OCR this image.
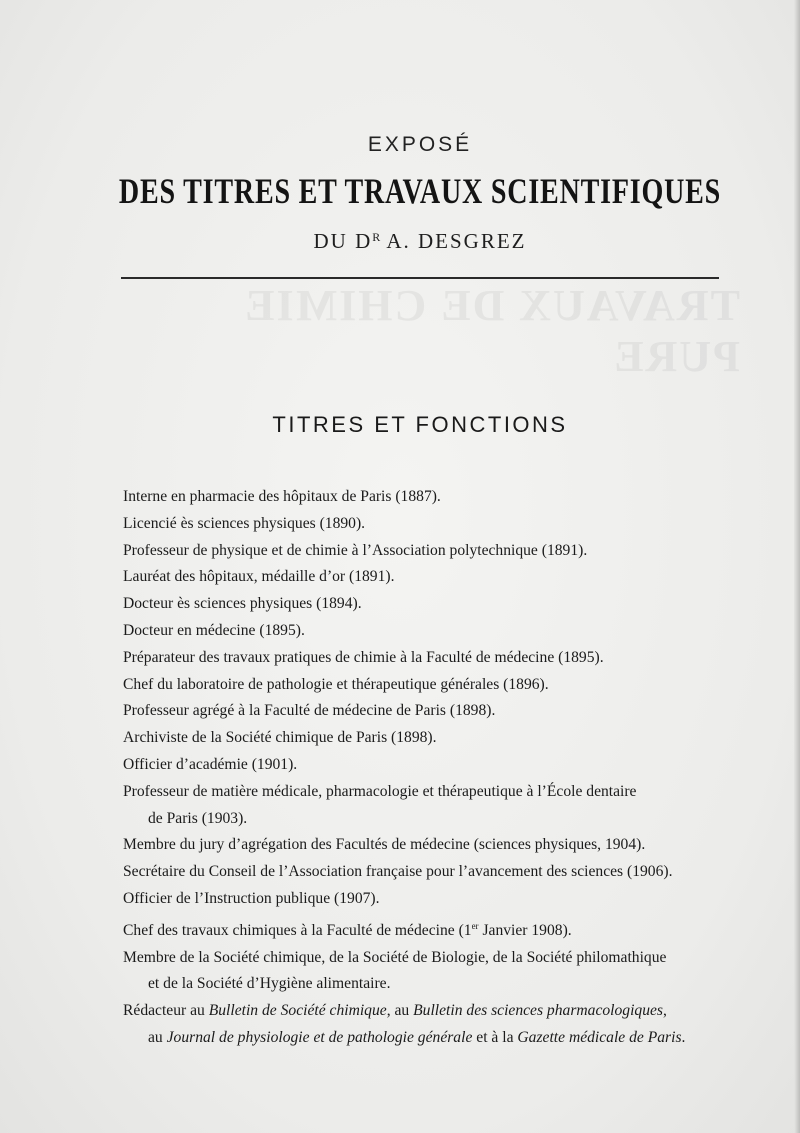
TRAVAUX DE CHIMIE PURE
EXPOSÉ
DES TITRES ET TRAVAUX SCIENTIFIQUES
DU $D^R$ A. DESGREZ
TITRES ET FONCTIONS
Interne en pharmacie des hôpitaux de Paris (1887).
Licencié ès sciences physiques (1890).
Professeur de physique et de chimie à l’Association polytechnique (1891).
Lauréat des hôpitaux, médaille d’or (1891).
Docteur ès sciences physiques (1894).
Docteur en médecine (1895).
Préparateur des travaux pratiques de chimie à la Faculté de médecine (1895).
Chef du laboratoire de pathologie et thérapeutique générales (1896).
Professeur agrégé à la Faculté de médecine de Paris (1898).
Archiviste de la Société chimique de Paris (1898).
Officier d’académie (1901).
Professeur de matière médicale, pharmacologie et thérapeutique à l’École dentaire
de Paris (1903).
Membre du jury d’agrégation des Facultés de médecine (sciences physiques, 1904).
Secrétaire du Conseil de l’Association française pour l’avancement des sciences (1906).
Officier de l’Instruction publique (1907).
Chef des travaux chimiques à la Faculté de médecine (1er Janvier 1908).
Membre de la Société chimique, de la Société de Biologie, de la Société philomathique
et de la Société d’Hygiène alimentaire.
Rédacteur au Bulletin de Société chimique, au Bulletin des sciences pharmacologiques,
au Journal de physiologie et de pathologie générale et à la Gazette médicale de Paris.
